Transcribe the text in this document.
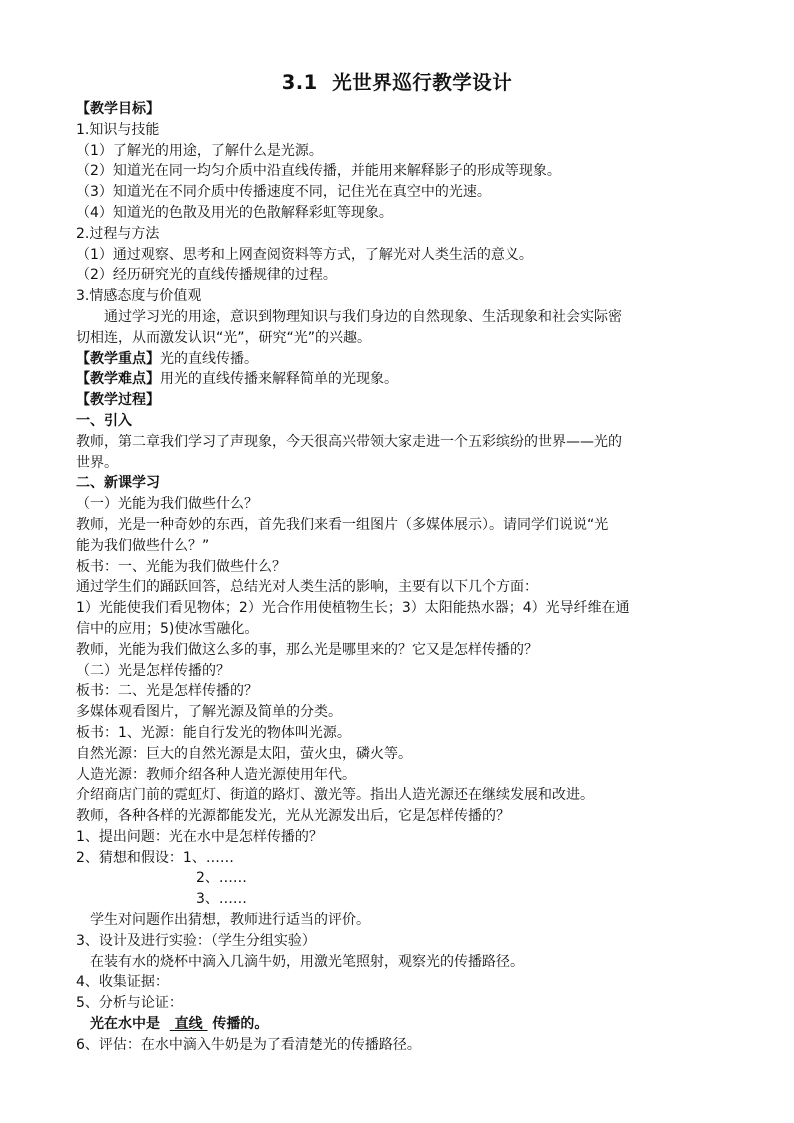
3.1  光世界巡行教学设计
【教学目标】
1.知识与技能
（1）了解光的用途，了解什么是光源。
（2）知道光在同一均匀介质中沿直线传播，并能用来解释影子的形成等现象。
（3）知道光在不同介质中传播速度不同，记住光在真空中的光速。
（4）知道光的色散及用光的色散解释彩虹等现象。
2.过程与方法
（1）通过观察、思考和上网查阅资料等方式，了解光对人类生活的意义。
（2）经历研究光的直线传播规律的过程。
3.情感态度与价值观
通过学习光的用途，意识到物理知识与我们身边的自然现象、生活现象和社会实际密
切相连，从而激发认识“光”，研究“光”的兴趣。
【教学重点】光的直线传播。
【教学难点】用光的直线传播来解释简单的光现象。
【教学过程】
一、引入
教师，第二章我们学习了声现象，今天很高兴带领大家走进一个五彩缤纷的世界——光的
世界。
二、新课学习
（一）光能为我们做些什么？
教师，光是一种奇妙的东西，首先我们来看一组图片（多媒体展示）。请同学们说说“光
能为我们做些什么？”
板书：一、光能为我们做些什么？
通过学生们的踊跃回答，总结光对人类生活的影响，主要有以下几个方面：
1）光能使我们看见物体；2）光合作用使植物生长；3）太阳能热水器；4）光导纤维在通
信中的应用；5)使冰雪融化。
教师，光能为我们做这么多的事，那么光是哪里来的？它又是怎样传播的？
（二）光是怎样传播的？
板书：二、光是怎样传播的？
多媒体观看图片，了解光源及简单的分类。
板书：1、光源：能自行发光的物体叫光源。
自然光源：巨大的自然光源是太阳，萤火虫，磷火等。
人造光源：教师介绍各种人造光源使用年代。
介绍商店门前的霓虹灯、街道的路灯、激光等。指出人造光源还在继续发展和改进。
教师，各种各样的光源都能发光，光从光源发出后，它是怎样传播的？
1、提出问题：光在水中是怎样传播的？
2、猜想和假设：1、……
2、……
3、……
学生对问题作出猜想，教师进行适当的评价。
3、设计及进行实验：（学生分组实验）
在装有水的烧杯中滴入几滴牛奶，用激光笔照射，观察光的传播路径。
4、收集证据：
5、分析与论证：
光在水中是 直线 传播的。
6、评估：在水中滴入牛奶是为了看清楚光的传播路径。
